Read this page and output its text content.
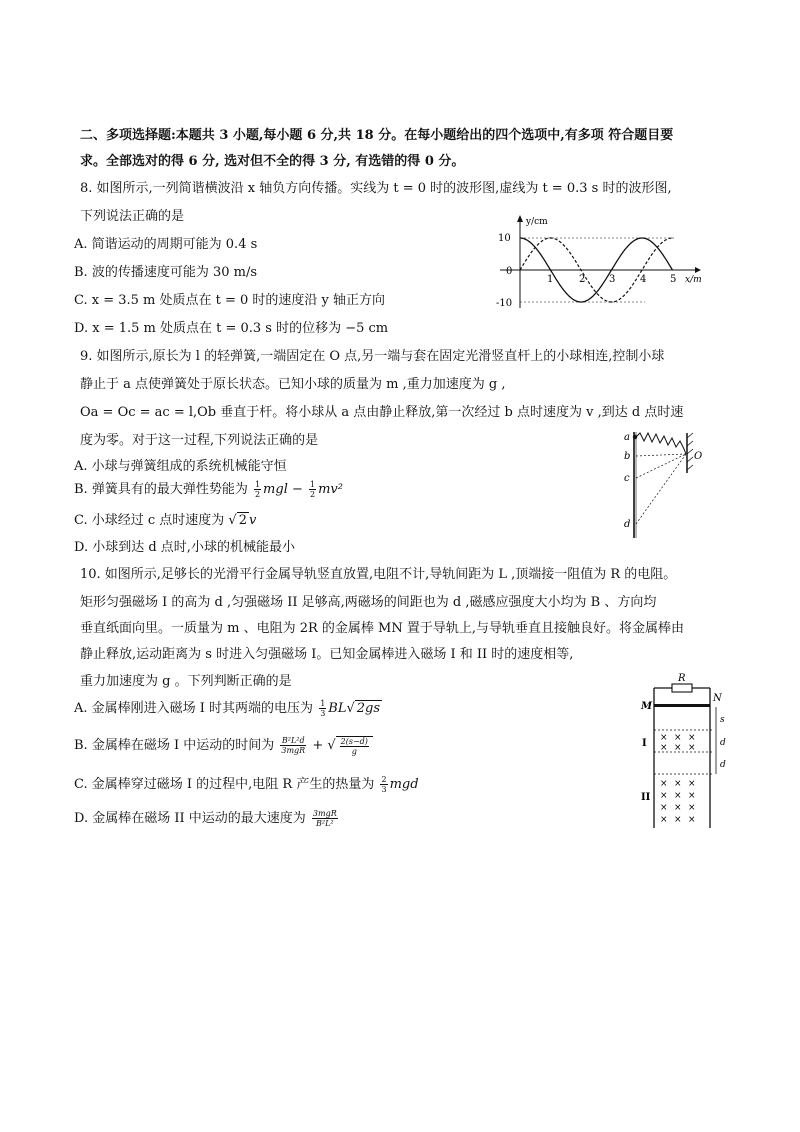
二、多项选择题:本题共 3 小题,每小题 6 分,共 18 分。在每小题给出的四个选项中,有多项 符合题目要
求。全部选对的得 6 分, 选对但不全的得 3 分, 有选错的得 0 分。
8. 如图所示,一列简谐横波沿 x 轴负方向传播。实线为 t = 0 时的波形图,虚线为 t = 0.3 s 时的波形图,
下列说法正确的是
A. 简谐运动的周期可能为 0.4 s
B. 波的传播速度可能为 30 m/s
C. x = 3.5 m 处质点在 t = 0 时的速度沿 y 轴正方向
D. x = 1.5 m 处质点在 t = 0.3 s 时的位移为 −5 cm
y/cm
x/m
10
0
-10
1	2 3 4 5
9. 如图所示,原长为 l 的轻弹簧,一端固定在 O 点,另一端与套在固定光滑竖直杆上的小球相连,控制小球
静止于 a 点使弹簧处于原长状态。已知小球的质量为 m ,重力加速度为 g ,
Oa = Oc = ac = l,Ob 垂直于杆。将小球从 a 点由静止释放,第一次经过 b 点时速度为 v ,到达 d 点时速
度为零。对于这一过程,下列说法正确的是
A. 小球与弹簧组成的系统机械能守恒
B. 弹簧具有的最大弹性势能为 $\frac{1}{2}$ mgl − $\frac{1}{2} mv^2$
C. 小球经过 c 点时速度为 √ 2 v
D. 小球到达 d 点时,小球的机械能最小
a
b
c
d
O
10. 如图所示,足够长的光滑平行金属导轨竖直放置,电阻不计,导轨间距为 L ,顶端接一阻值为 R 的电阻。
矩形匀强磁场 I 的高为 d ,匀强磁场 II 足够高,两磁场的间距也为 d ,磁感应强度大小均为 B 、方向均
垂直纸面向里。一质量为 m 、电阻为 2R 的金属棒 MN 置于导轨上,与导轨垂直且接触良好。将金属棒由
静止释放,运动距离为 s 时进入匀强磁场 I。已知金属棒进入磁场 I 和 II 时的速度相等,
重力加速度为 g 。下列判断正确的是
A. 金属棒刚进入磁场 I 时其两端的电压为 $\frac{1}{3} BL√$ 2gs
B. 金属棒在磁场 I 中运动的时间为 $\frac{\text{B²L²d}}{\text{3mgR}}$ + √ $\frac{2(s-d)}{g}$
C. 金属棒穿过磁场 I 的过程中,电阻 R 产生的热量为 $\frac{2}{3}$ mgd
D. 金属棒在磁场 II 中运动的最大速度为 $\frac{\text{3mgR}}{\text{B²L²}}$
R
M
N
s
d
d
I × × ×
× × ×
II
× × ×
× × ×
× × ×
× × ×
